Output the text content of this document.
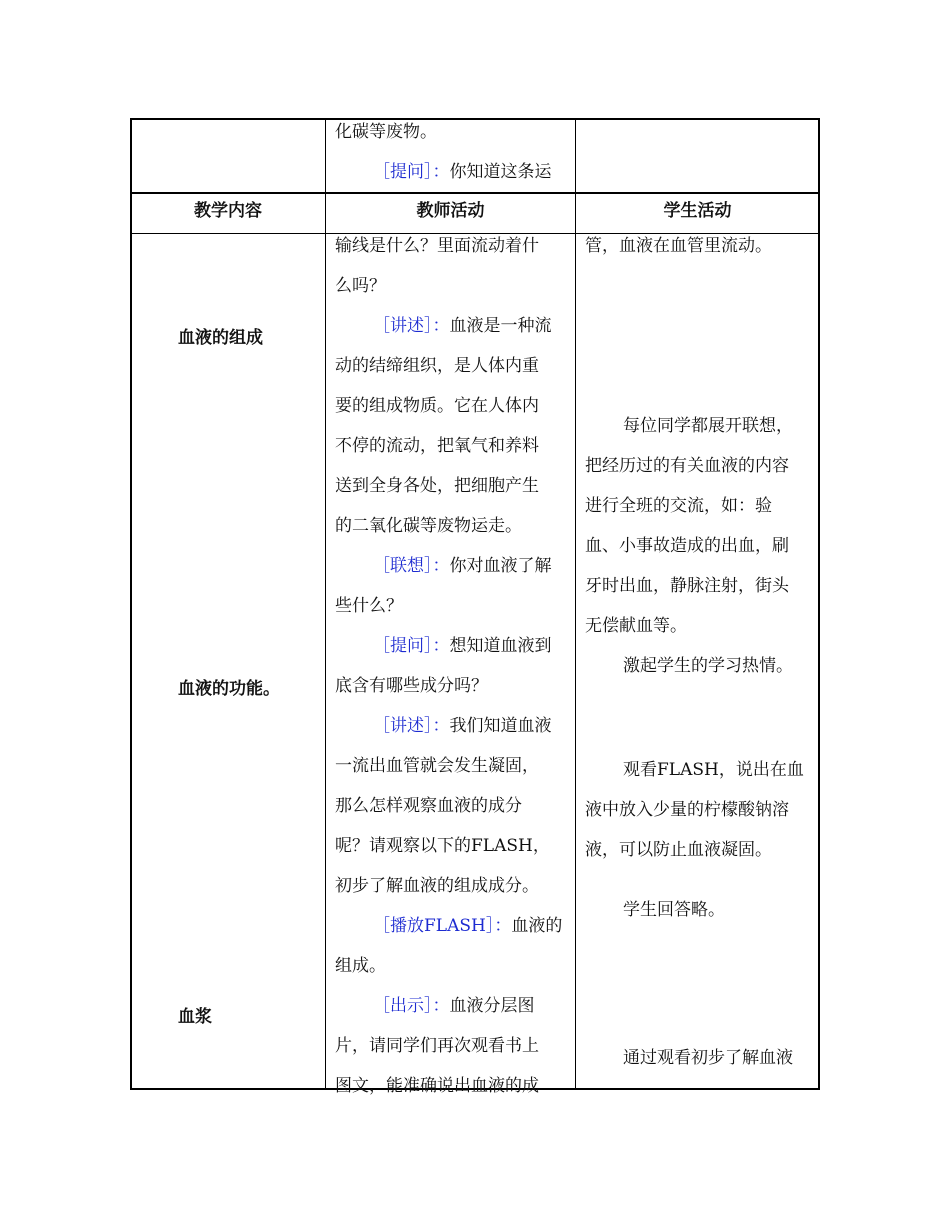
化碳等废物。
［提问］：你知道这条运
教学内容	教师活动	学生活动
血液的组成
血液的功能。
血浆
输线是什么？里面流动着什
么吗？
［讲述］：血液是一种流
动的结缔组织，是人体内重
要的组成物质。它在人体内
不停的流动，把氧气和养料
送到全身各处，把细胞产生
的二氧化碳等废物运走。
［联想］：你对血液了解
些什么？
［提问］：想知道血液到
底含有哪些成分吗？
［讲述］：我们知道血液
一流出血管就会发生凝固，
那么怎样观察血液的成分
呢？请观察以下的FLASH，
初步了解血液的组成成分。
［播放FLASH］：血液的
组成。
［出示］：血液分层图
片，请同学们再次观看书上
图文，能准确说出血液的成
管，血液在血管里流动。
每位同学都展开联想，
把经历过的有关血液的内容
进行全班的交流，如：验
血、小事故造成的出血，刷
牙时出血，静脉注射，街头
无偿献血等。
激起学生的学习热情。
观看FLASH，说出在血
液中放入少量的柠檬酸钠溶
液，可以防止血液凝固。
学生回答略。
通过观看初步了解血液
